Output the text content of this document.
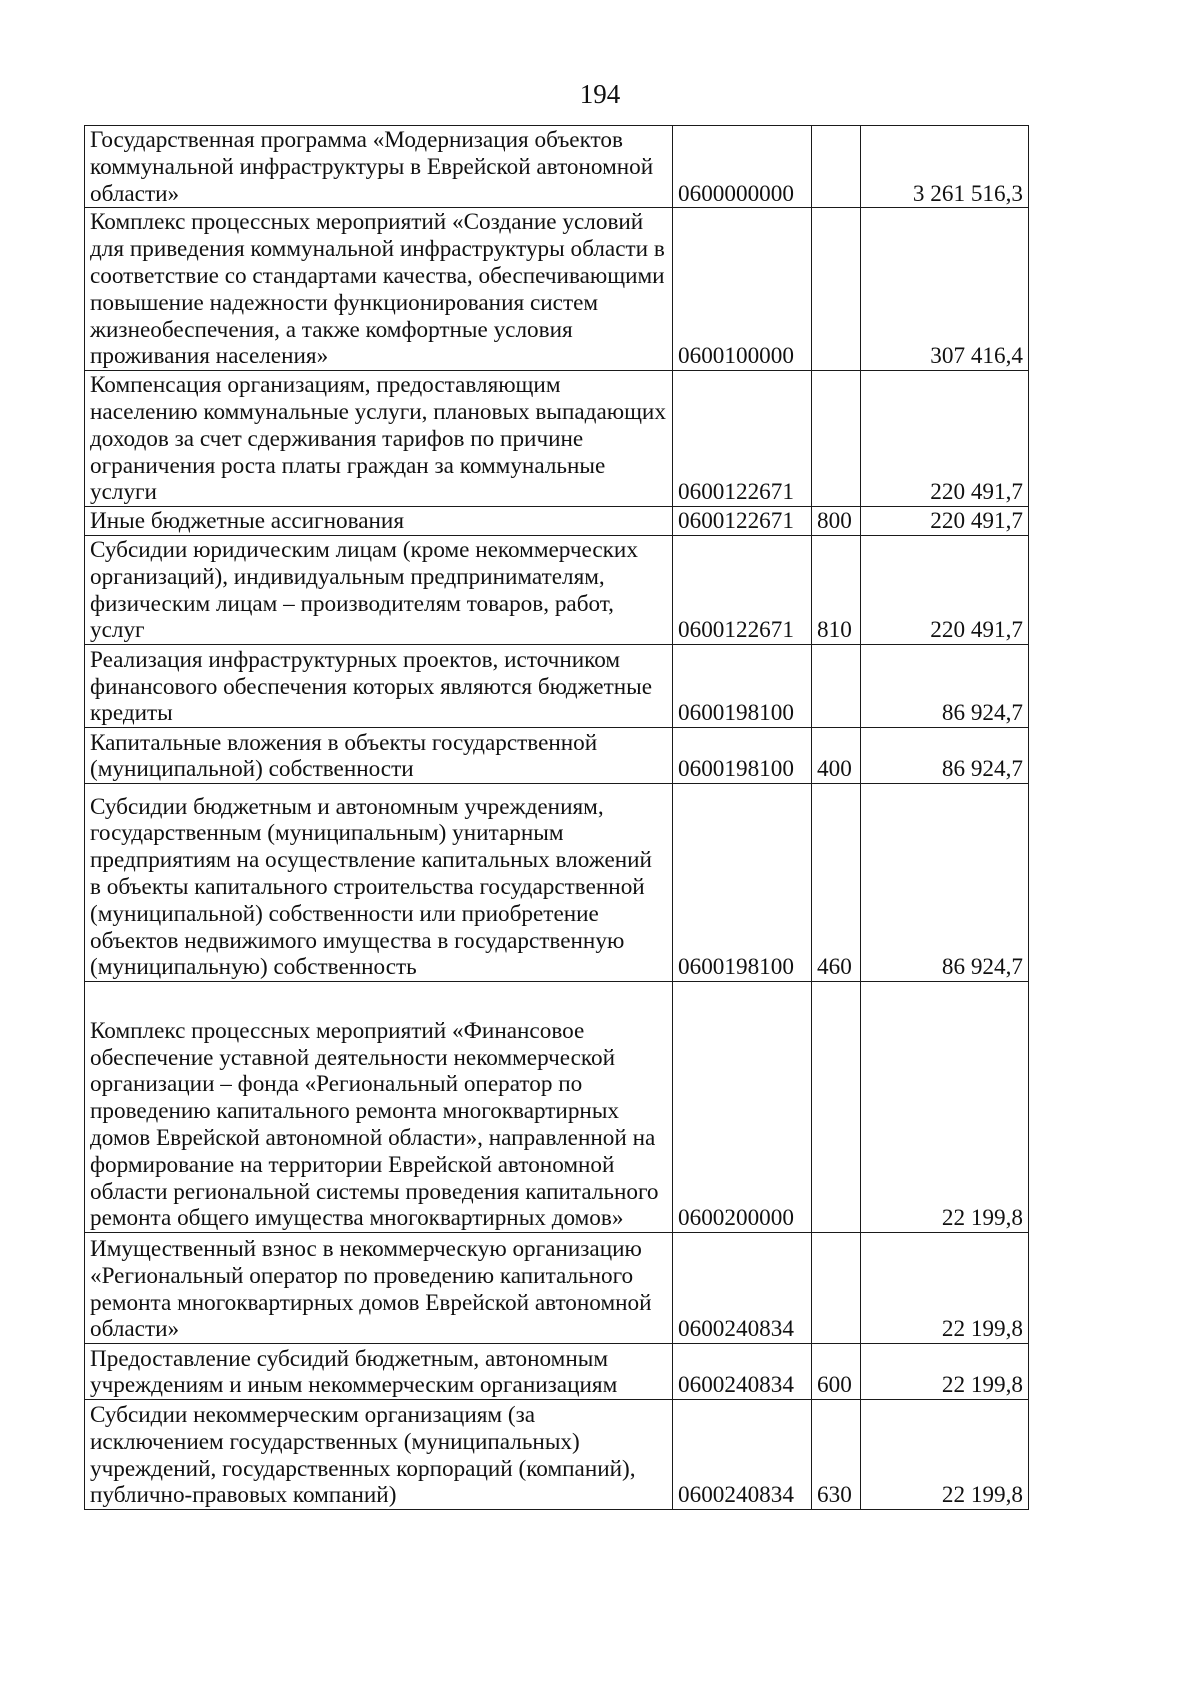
194
Государственная программа «Модернизация объектов коммунальной инфраструктуры в Еврейской автономной области»	0600000000		3 261 516,3
Комплекс процессных мероприятий «Создание условий для приведения коммунальной инфраструктуры области в соответствие со стандартами качества, обеспечивающими повышение надежности функционирования систем жизнеобеспечения, а также комфортные условия проживания населения»	0600100000		307 416,4
Компенсация организациям, предоставляющим населению коммунальные услуги, плановых выпадающих доходов за счет сдерживания тарифов по причине ограничения роста платы граждан за коммунальные услуги	0600122671		220 491,7
Иные бюджетные ассигнования	0600122671	800	220 491,7
Субсидии юридическим лицам (кроме некоммерческих организаций), индивидуальным предпринимателям, физическим лицам – производителям товаров, работ, услуг	0600122671	810	220 491,7
Реализация инфраструктурных проектов, источником финансового обеспечения которых являются бюджетные кредиты	0600198100		86 924,7
Капитальные вложения в объекты государственной (муниципальной) собственности	0600198100	400	86 924,7
Субсидии бюджетным и автономным учреждениям, государственным (муниципальным) унитарным предприятиям на осуществление капитальных вложений в объекты капитального строительства государственной (муниципальной) собственности или приобретение объектов недвижимого имущества в государственную (муниципальную) собственность	0600198100	460	86 924,7
Комплекс процессных мероприятий «Финансовое обеспечение уставной деятельности некоммерческой организации – фонда «Региональный оператор по проведению капитального ремонта многоквартирных домов Еврейской автономной области», направленной на формирование на территории Еврейской автономной области региональной системы проведения капитального ремонта общего имущества многоквартирных домов»	0600200000		22 199,8
Имущественный взнос в некоммерческую организацию «Региональный оператор по проведению капитального ремонта многоквартирных домов Еврейской автономной области»	0600240834		22 199,8
Предоставление субсидий бюджетным, автономным учреждениям и иным некоммерческим организациям	0600240834	600	22 199,8
Субсидии некоммерческим организациям (за исключением государственных (муниципальных) учреждений, государственных корпораций (компаний), публично-правовых компаний)	0600240834	630	22 199,8
